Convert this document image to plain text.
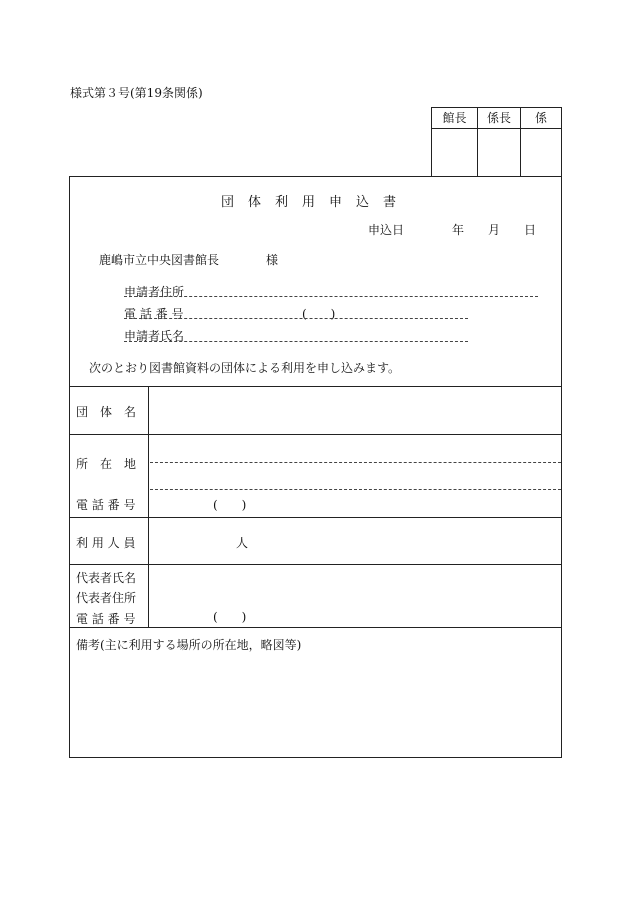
様式第３号(第19条関係)
館長	係長	係
団体利用申込書
申込日	年 月 日
鹿嶋市立中央図書館長	様
申請者住所
電 話 番 号	(　　)
申請者氏名
次のとおり図書館資料の団体による利用を申し込みます。
団　体　名
所　在　地
電 話 番 号	(　　)
利 用 人 員	人
代表者氏名
代表者住所
電 話 番 号	(　　)
備考(主に利用する場所の所在地，略図等)
